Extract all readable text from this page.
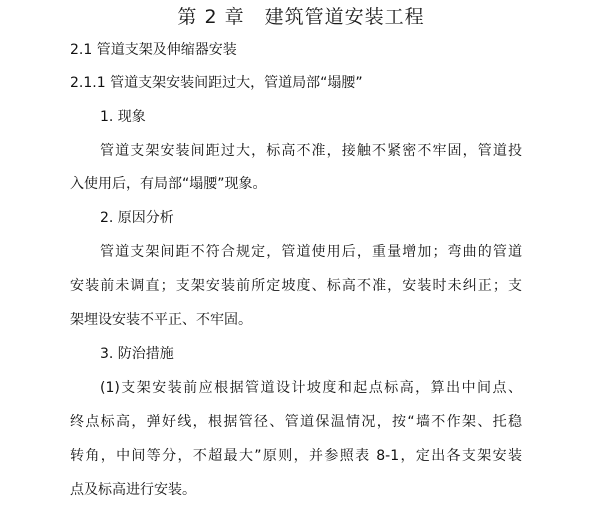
第 2 章 建筑管道安装工程
2.1 管道支架及伸缩器安装
2.1.1 管道支架安装间距过大，管道局部“塌腰”
1. 现象
管道支架安装间距过大，标高不准，接触不紧密不牢固，管道投
入使用后，有局部“塌腰”现象。
2. 原因分析
管道支架间距不符合规定，管道使用后，重量增加；弯曲的管道
安装前未调直；支架安装前所定坡度、标高不准，安装时未纠正；支
架埋设安装不平正、不牢固。
3. 防治措施
(1)支架安装前应根据管道设计坡度和起点标高，算出中间点、
终点标高，弹好线，根据管径、管道保温情况，按“墙不作架、托稳
转角，中间等分，不超最大”原则，并参照表 8-1，定出各支架安装
点及标高进行安装。
